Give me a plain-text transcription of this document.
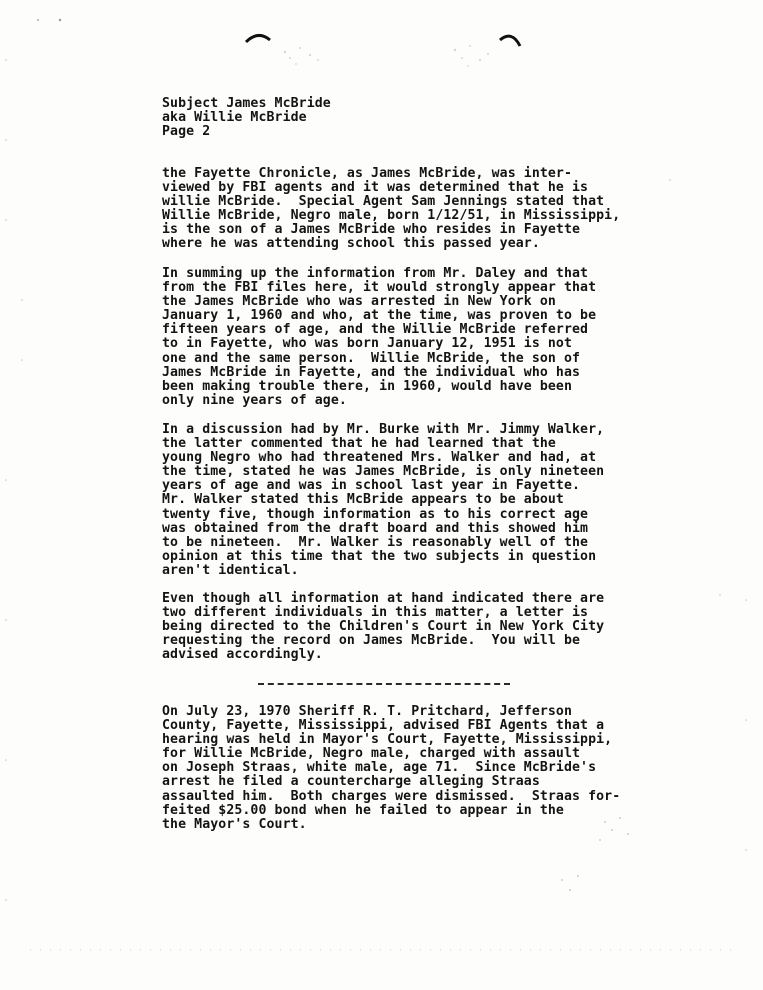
Subject James McBride
aka Willie McBride
Page 2
the Fayette Chronicle, as James McBride, was inter-
viewed by FBI agents and it was determined that he is
willie McBride.  Special Agent Sam Jennings stated that
Willie McBride, Negro male, born 1/12/51, in Mississippi,
is the son of a James McBride who resides in Fayette
where he was attending school this passed year.
In summing up the information from Mr. Daley and that
from the FBI files here, it would strongly appear that
the James McBride who was arrested in New York on
January 1, 1960 and who, at the time, was proven to be
fifteen years of age, and the Willie McBride referred
to in Fayette, who was born January 12, 1951 is not
one and the same person.  Willie McBride, the son of
James McBride in Fayette, and the individual who has
been making trouble there, in 1960, would have been
only nine years of age.
In a discussion had by Mr. Burke with Mr. Jimmy Walker,
the latter commented that he had learned that the
young Negro who had threatened Mrs. Walker and had, at
the time, stated he was James McBride, is only nineteen
years of age and was in school last year in Fayette.
Mr. Walker stated this McBride appears to be about
twenty five, though information as to his correct age
was obtained from the draft board and this showed him
to be nineteen.  Mr. Walker is reasonably well of the
opinion at this time that the two subjects in question
aren't identical.
Even though all information at hand indicated there are
two different individuals in this matter, a letter is
being directed to the Children's Court in New York City
requesting the record on James McBride.  You will be
advised accordingly.
On July 23, 1970 Sheriff R. T. Pritchard, Jefferson
County, Fayette, Mississippi, advised FBI Agents that a
hearing was held in Mayor's Court, Fayette, Mississippi,
for Willie McBride, Negro male, charged with assault
on Joseph Straas, white male, age 71.  Since McBride's
arrest he filed a countercharge alleging Straas
assaulted him.  Both charges were dismissed.  Straas for-
feited $25.00 bond when he failed to appear in the
the Mayor's Court.
